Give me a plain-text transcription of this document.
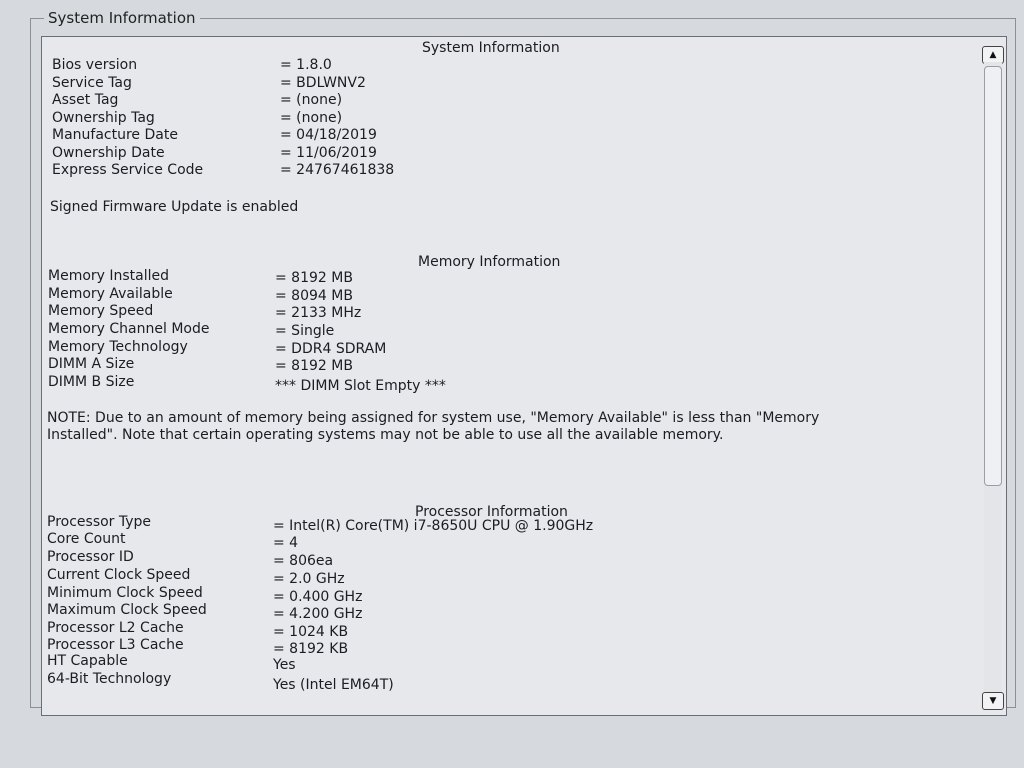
System Information
System Information
Bios version	= 1.8.0
Service Tag	= BDLWNV2
Asset Tag	= (none)
Ownership Tag	= (none)
Manufacture Date	= 04/18/2019
Ownership Date	= 11/06/2019
Express Service Code	= 24767461838
Signed Firmware Update is enabled
Memory Information
Memory Installed	= 8192 MB
Memory Available	= 8094 MB
Memory Speed	= 2133 MHz
Memory Channel Mode	= Single
Memory Technology	= DDR4 SDRAM
DIMM A Size	= 8192 MB
DIMM B Size	*** DIMM Slot Empty ***
NOTE: Due to an amount of memory being assigned for system use, "Memory Available" is less than "Memory Installed". Note that certain operating systems may not be able to use all the available memory.
Processor Information
Processor Type	= Intel(R) Core(TM) i7-8650U CPU @ 1.90GHz
Core Count	= 4
Processor ID	= 806ea
Current Clock Speed	= 2.0 GHz
Minimum Clock Speed	= 0.400 GHz
Maximum Clock Speed	= 4.200 GHz
Processor L2 Cache	= 1024 KB
Processor L3 Cache	= 8192 KB
HT Capable	Yes
64-Bit Technology	Yes (Intel EM64T)
▲
▼
